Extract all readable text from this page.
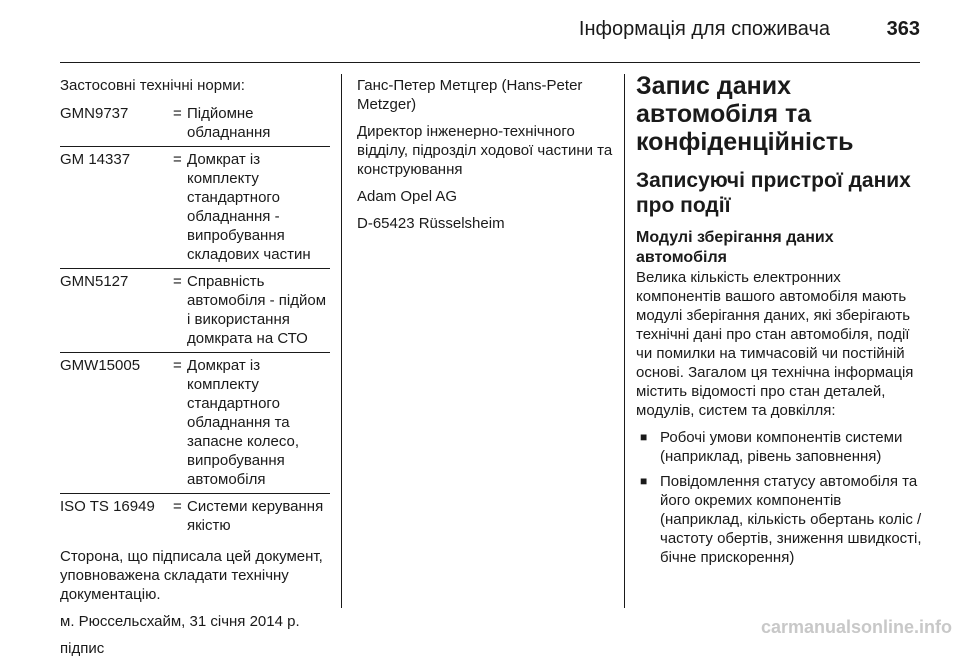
Інформація для споживача	363
Застосовні технічні норми:
GMN9737	= Підйомне обладнання
GM 14337	= Домкрат із комплекту стандартного обладнання - випробування складових частин
GMN5127	= Справність автомобіля - підйом і використання домкрата на СТО
GMW15005	= Домкрат із комплекту стандартного обладнання та запасне колесо, випробування автомобіля
ISO TS 16949	= Системи керування якістю

Сторона, що підписала цей документ, уповноважена складати технічну документацію.

м. Рюссельсхайм, 31 січня 2014 р.

підпис

Ганс-Петер Метцгер (Hans-Peter Metzger)

Директор інженерно-технічного відділу, підрозділ ходової частини та конструювання

Adam Opel AG

D-65423 Rüsselsheim

Запис даних автомобіля та конфіденційність
Записуючі пристрої даних про події
Модулі зберігання даних автомобіля

Велика кількість електронних компонентів вашого автомобіля мають модулі зберігання даних, які зберігають технічні дані про стан автомобіля, події чи помилки на тимчасовій чи постійній основі. Загалом ця технічна інформація містить відомості про стан деталей, модулів, систем та довкілля:

■ Робочі умови компонентів системи (наприклад, рівень заповнення)
■ Повідомлення статусу автомобіля та його окремих компонентів (наприклад, кількість обертань коліс / частоту обертів, зниження швидкості, бічне прискорення)
carmanualsonline.info
